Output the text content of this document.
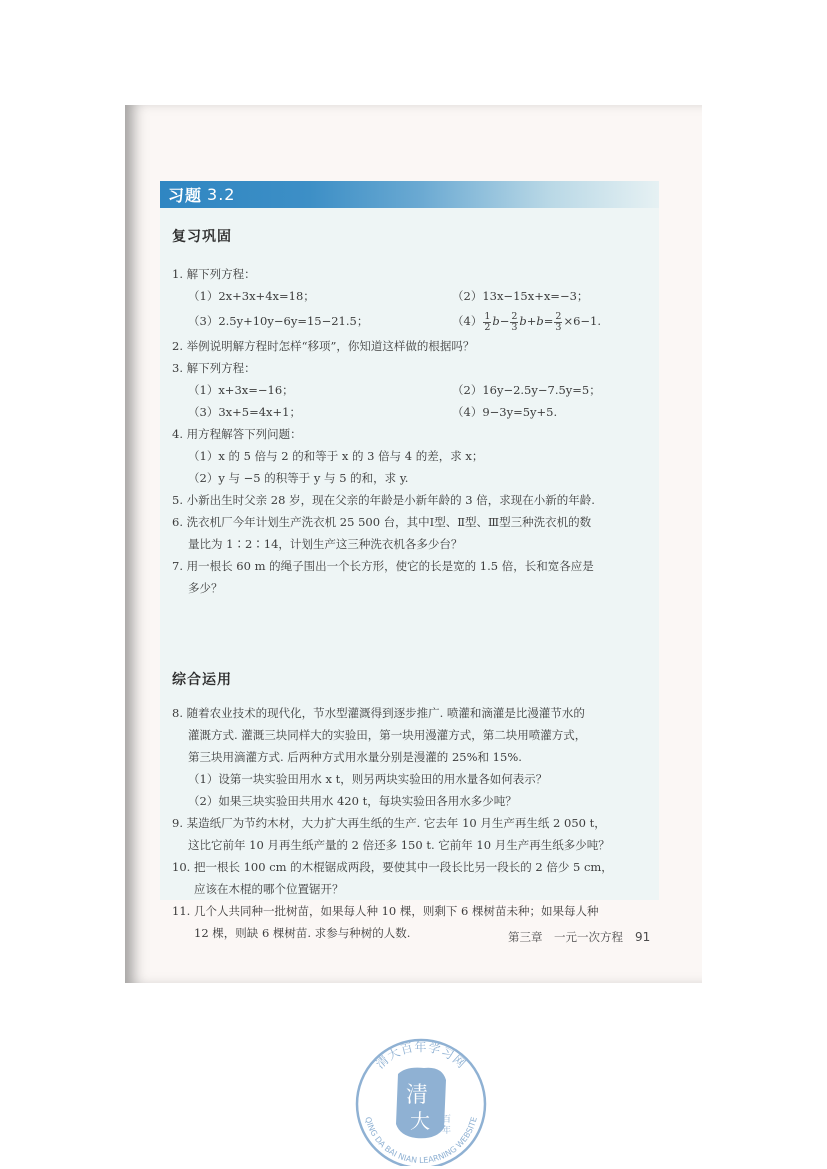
习题 3.2
复习巩固
1. 解下列方程：
（1）2x+3x+4x=18；	（2）13x−15x+x=−3；
（3）2.5y+10y−6y=15−21.5；	$(4) \frac{1}{2} b- \frac{2}{3} b+b= \frac{2}{3} \times 6-1$.
2. 举例说明解方程时怎样“移项”，你知道这样做的根据吗？
3. 解下列方程：
（1）x+3x=−16；	（2）16y−2.5y−7.5y=5；
（3）3x+5=4x+1；	（4）9−3y=5y+5.
4. 用方程解答下列问题：
（1）x 的 5 倍与 2 的和等于 x 的 3 倍与 4 的差，求 x；
（2）y 与 −5 的积等于 y 与 5 的和，求 y.
5. 小新出生时父亲 28 岁，现在父亲的年龄是小新年龄的 3 倍，求现在小新的年龄.
6. 洗衣机厂今年计划生产洗衣机 25 500 台，其中Ⅰ型、Ⅱ型、Ⅲ型三种洗衣机的数
量比为 1∶2∶14，计划生产这三种洗衣机各多少台？
7. 用一根长 60 m 的绳子围出一个长方形，使它的长是宽的 1.5 倍，长和宽各应是
多少？
综合运用
8. 随着农业技术的现代化，节水型灌溉得到逐步推广. 喷灌和滴灌是比漫灌节水的
灌溉方式. 灌溉三块同样大的实验田，第一块用漫灌方式，第二块用喷灌方式，
第三块用滴灌方式. 后两种方式用水量分别是漫灌的 25%和 15%.
（1）设第一块实验田用水 x t，则另两块实验田的用水量各如何表示？
（2）如果三块实验田共用水 420 t，每块实验田各用水多少吨？
9. 某造纸厂为节约木材，大力扩大再生纸的生产. 它去年 10 月生产再生纸 2 050 t，
这比它前年 10 月再生纸产量的 2 倍还多 150 t. 它前年 10 月生产再生纸多少吨？
10. 把一根长 100 cm 的木棍锯成两段，要使其中一段长比另一段长的 2 倍少 5 cm，
应该在木棍的哪个位置锯开？
11. 几个人共同种一批树苗，如果每人种 10 棵，则剩下 6 棵树苗未种；如果每人种
12 棵，则缺 6 棵树苗. 求参与种树的人数.	第三章　一元一次方程 91
清大百年学习网
QING DA BAI NIAN LEARNING WEBSITE
清
大 百
年
